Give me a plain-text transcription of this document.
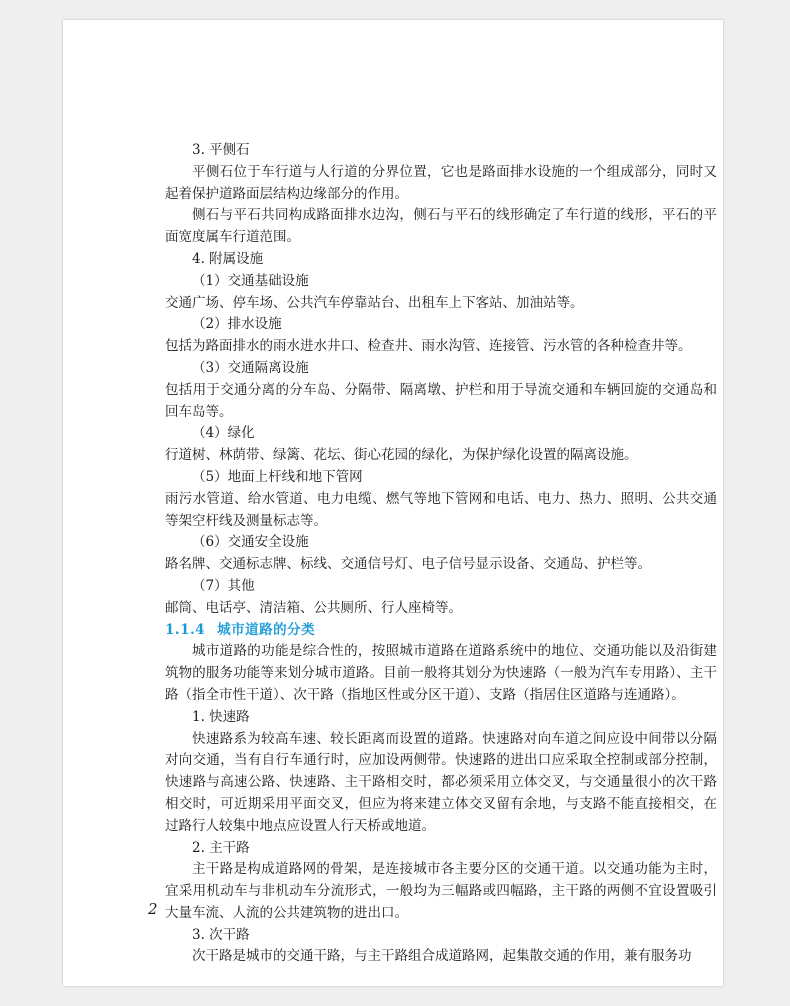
3. 平侧石

平侧石位于车行道与人行道的分界位置，它也是路面排水设施的一个组成部分，同时又起着保护道路面层结构边缘部分的作用。

侧石与平石共同构成路面排水边沟，侧石与平石的线形确定了车行道的线形，平石的平面宽度属车行道范围。

4. 附属设施

（1）交通基础设施

交通广场、停车场、公共汽车停靠站台、出租车上下客站、加油站等。

（2）排水设施

包括为路面排水的雨水进水井口、检查井、雨水沟管、连接管、污水管的各种检查井等。

（3）交通隔离设施

包括用于交通分离的分车岛、分隔带、隔离墩、护栏和用于导流交通和车辆回旋的交通岛和回车岛等。

（4）绿化

行道树、林荫带、绿篱、花坛、街心花园的绿化，为保护绿化设置的隔离设施。

（5）地面上杆线和地下管网

雨污水管道、给水管道、电力电缆、燃气等地下管网和电话、电力、热力、照明、公共交通等架空杆线及测量标志等。

（6）交通安全设施

路名牌、交通标志牌、标线、交通信号灯、电子信号显示设备、交通岛、护栏等。

（7）其他

邮筒、电话亭、清洁箱、公共厕所、行人座椅等。

1.1.4 城市道路的分类

城市道路的功能是综合性的，按照城市道路在道路系统中的地位、交通功能以及沿街建筑物的服务功能等来划分城市道路。目前一般将其划分为快速路（一般为汽车专用路）、主干路（指全市性干道）、次干路（指地区性或分区干道）、支路（指居住区道路与连通路）。

1. 快速路

快速路系为较高车速、较长距离而设置的道路。快速路对向车道之间应设中间带以分隔对向交通，当有自行车通行时，应加设两侧带。快速路的进出口应采取全控制或部分控制，快速路与高速公路、快速路、主干路相交时，都必须采用立体交叉，与交通量很小的次干路相交时，可近期采用平面交叉，但应为将来建立体交叉留有余地，与支路不能直接相交，在过路行人较集中地点应设置人行天桥或地道。

2. 主干路

主干路是构成道路网的骨架，是连接城市各主要分区的交通干道。以交通功能为主时，宜采用机动车与非机动车分流形式，一般均为三幅路或四幅路，主干路的两侧不宜设置吸引大量车流、人流的公共建筑物的进出口。

3. 次干路

次干路是城市的交通干路，与主干路组合成道路网，起集散交通的作用，兼有服务功

2
